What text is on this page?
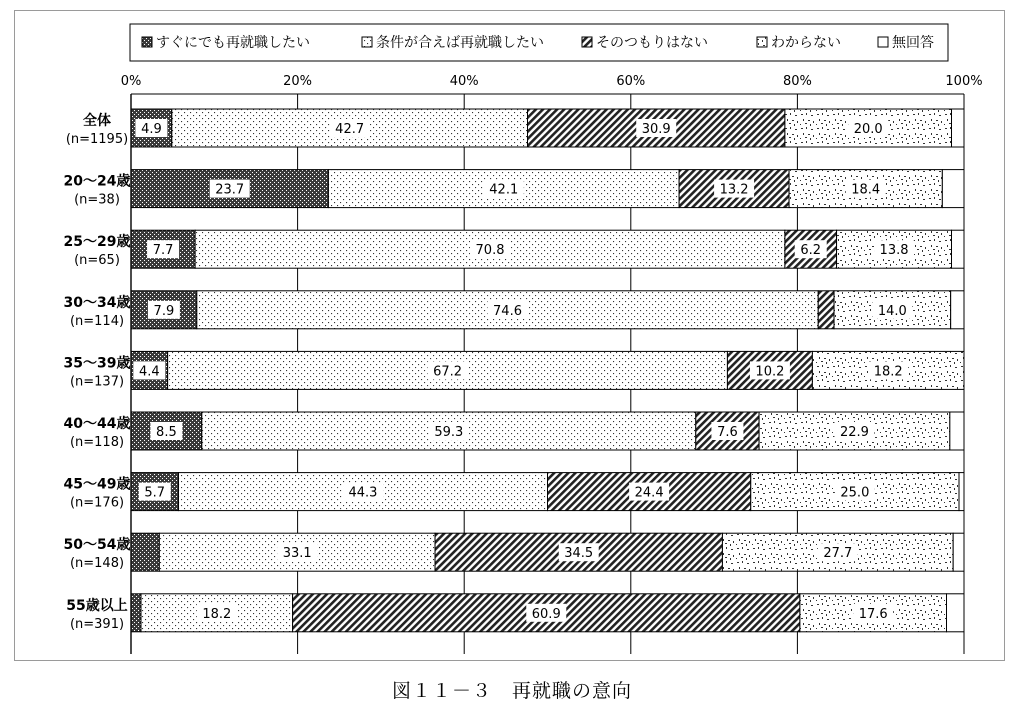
すぐにでも再就職したい	条件が合えば再就職したい	そのつもりはない	わからない	無回答
4.9	42.7	30.9	20.0
23.7	42.1	13.2	18.4
7.7	70.8	6.2	13.8
7.9	74.6	14.0
4.4	67.2	10.2	18.2
8.5	59.3	7.6	22.9
5.7	44.3	24.4	25.0
33.1	34.5	27.7
18.2	60.9	17.6
0%	20%	40%	60%	80%	100%
全体
(n=1195)
20～24歳
(n=38)
25～29歳
(n=65)
30～34歳
(n=114)
35～39歳
(n=137)
40～44歳
(n=118)
45～49歳
(n=176)
50～54歳
(n=148)
55歳以上
(n=391)
図１１－３　再就職の意向
